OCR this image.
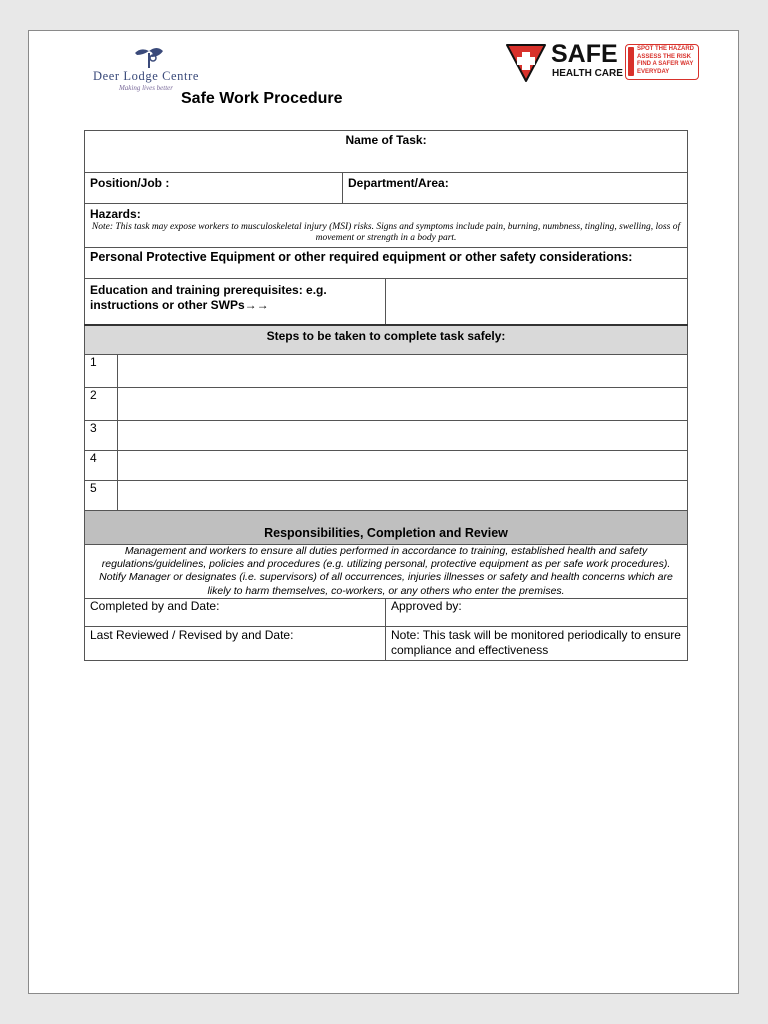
Deer Lodge Centre
Making lives better
Safe Work Procedure
SAFE
HEALTH CARE
SPOT THE HAZARD
ASSESS THE RISK
FIND A SAFER WAY
EVERYDAY
Name of Task:			
Position/Job :		Department/Area:	

Hazards:
Note: This task may expose workers to musculoskeletal injury (MSI) risks. Signs and symptoms include pain, burning, numbness, tingling, swelling, loss of movement or strength in a body part.			

Personal Protective Equipment or other required equipment or other safety considerations:			
Education and training prerequisites: e.g. instructions or other SWPs→→			
Steps to be taken to complete task safely:			
1			
2			
3			
4			
5			
Responsibilities, Completion and Review			
Management and workers to ensure all duties performed in accordance to training, established health and safety regulations/guidelines, policies and procedures (e.g. utilizing personal, protective equipment as per safe work procedures). Notify Manager or designates (i.e. supervisors) of all occurrences, injuries illnesses or safety and health concerns which are likely to harm themselves, co-workers, or any others who enter the premises.			
Completed by and Date:			Approved by:
Last Reviewed / Revised by and Date:			Note: This task will be monitored periodically to ensure compliance and effectiveness
